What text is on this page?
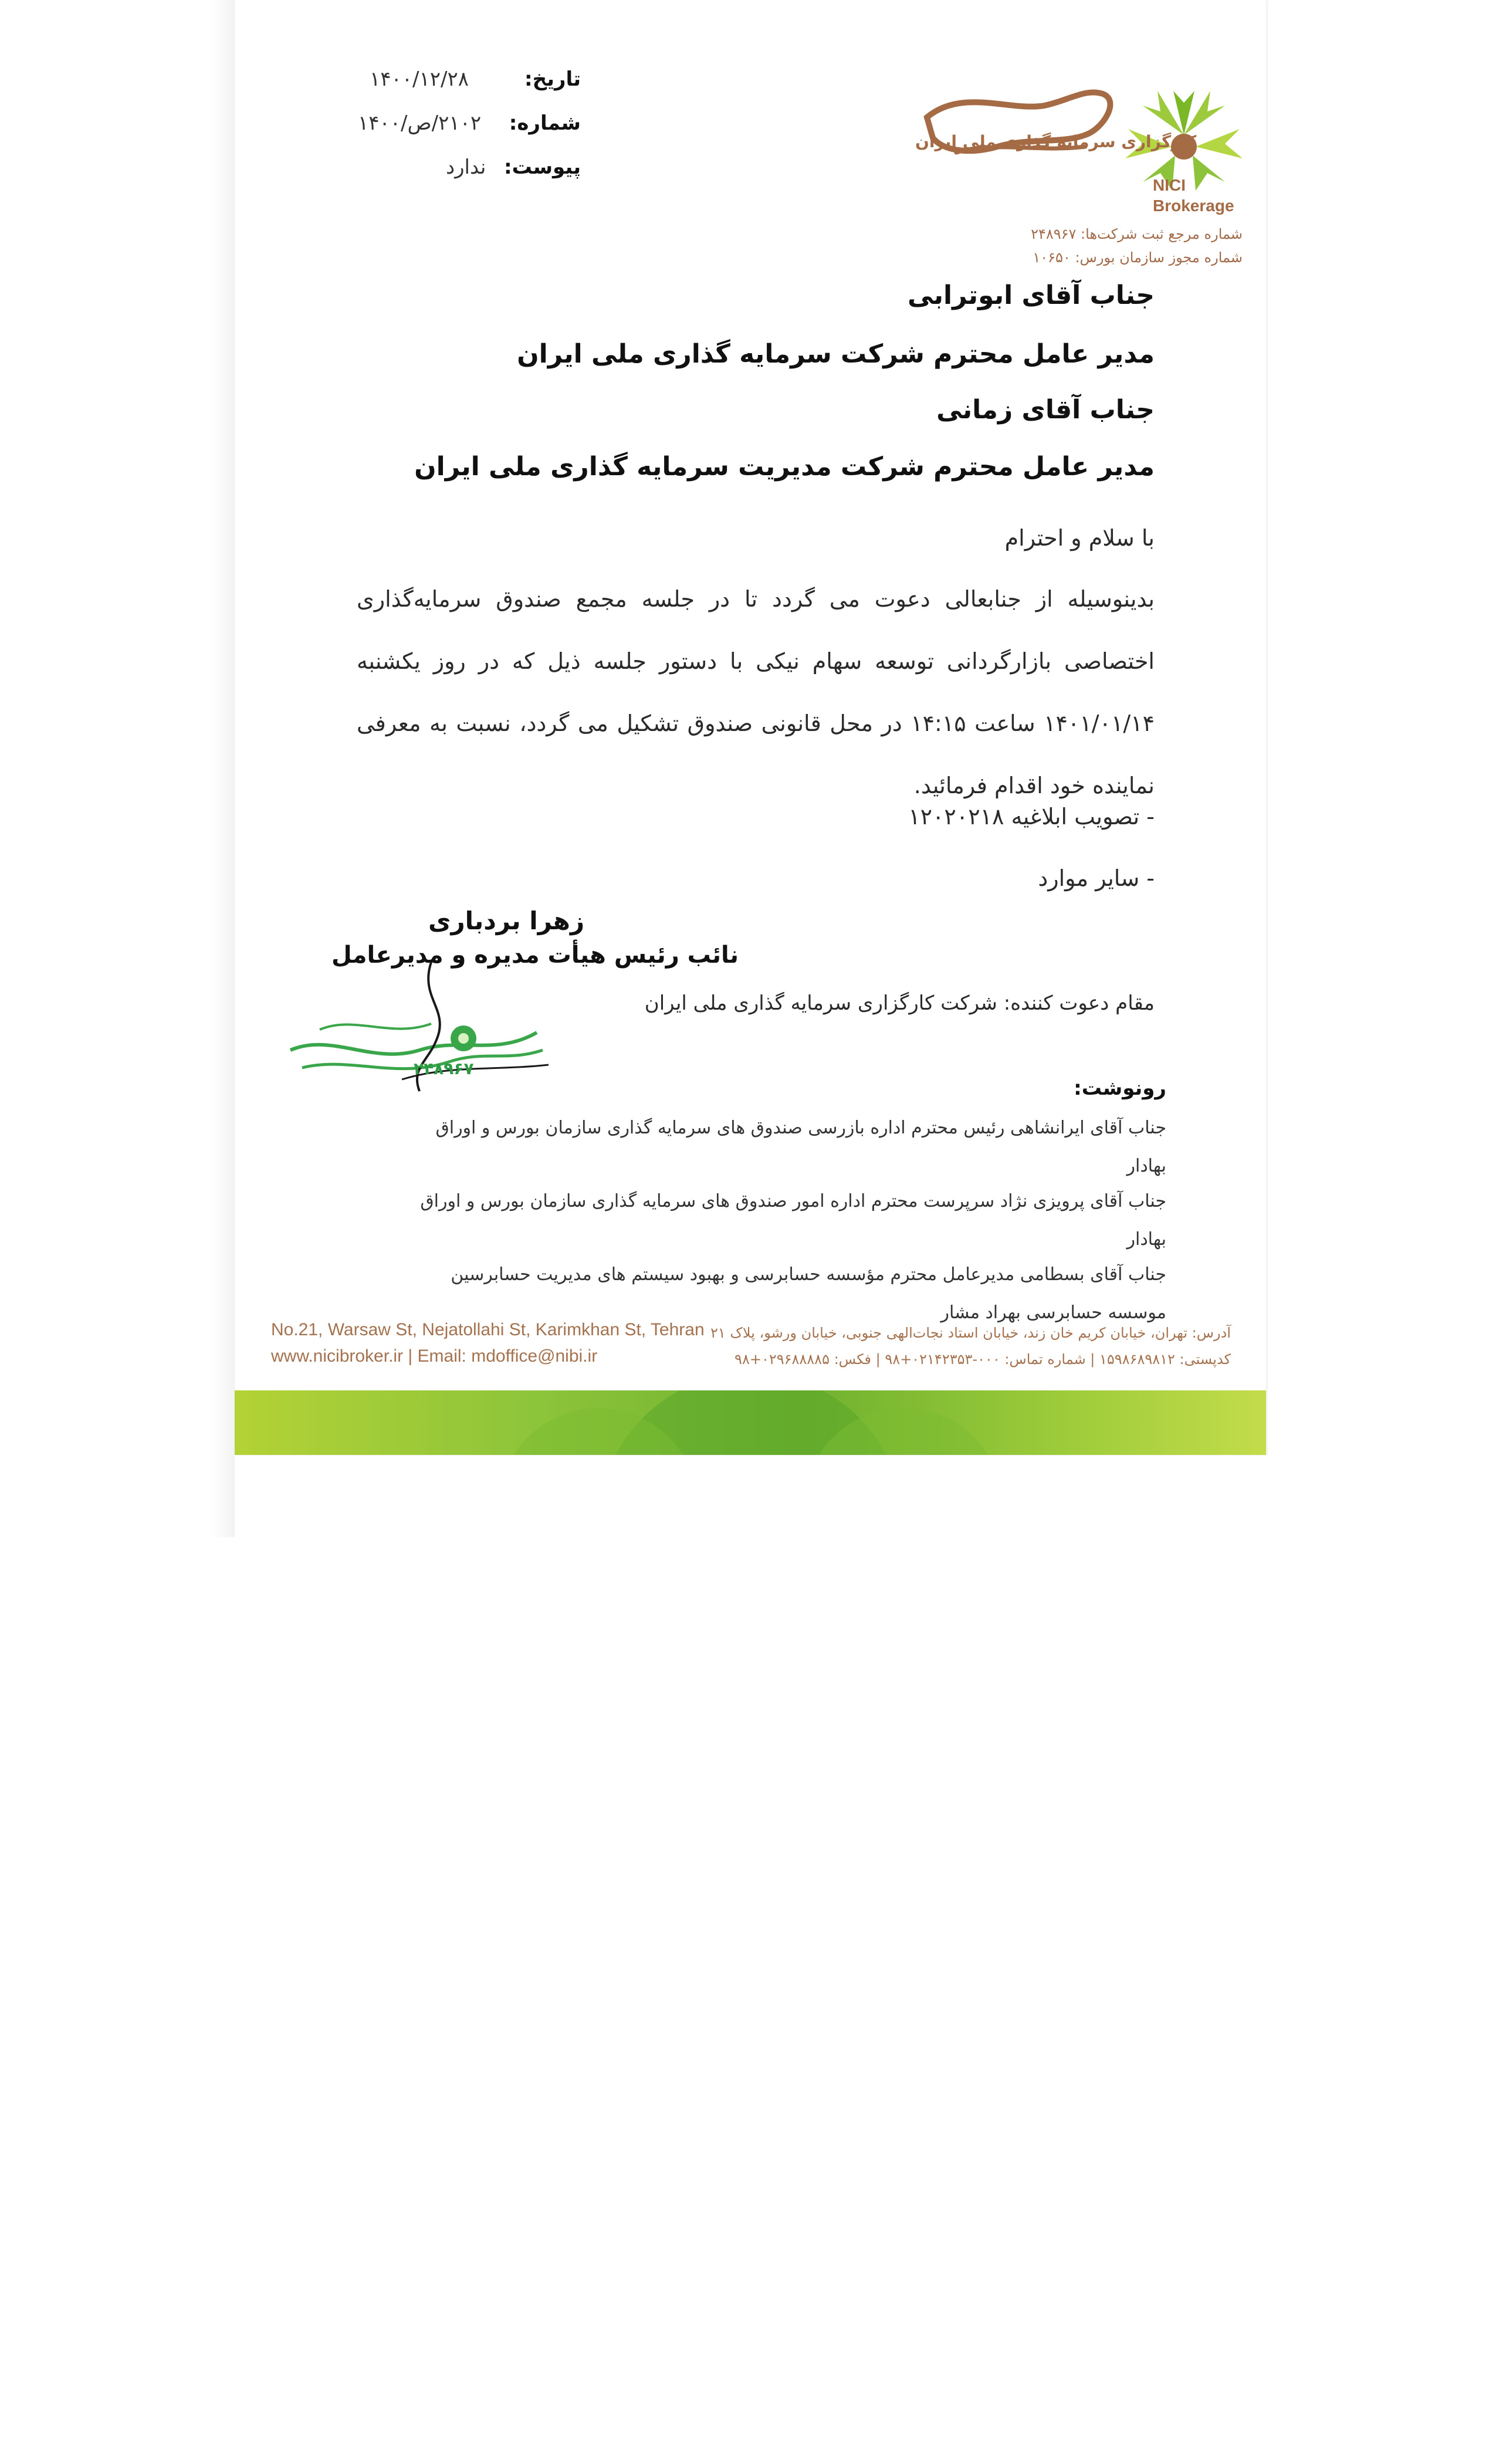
تاریخ:
۱۴۰۰/۱۲/۲۸
شماره:
۲۱۰۲/ص/۱۴۰۰
پیوست:
ندارد
کارگزاری سرمایه گذاری ملی ایران
NICI
Brokerage
شماره مرجع ثبت شرکت‌ها: ۲۴۸۹۶۷
شماره مجوز سازمان بورس: ۱۰۶۵۰
جناب آقای ابوترابی
مدیر عامل محترم شرکت سرمایه گذاری ملی ایران
جناب آقای زمانی
مدیر عامل محترم شرکت مدیریت سرمایه گذاری ملی ایران
با سلام و احترام
بدینوسیله از جنابعالی دعوت می گردد تا در جلسه مجمع صندوق سرمایه‌گذاری اختصاصی بازارگردانی توسعه سهام نیکی با دستور جلسه ذیل که در روز یکشنبه ۱۴۰۱/۰۱/۱۴ ساعت ۱۴:۱۵ در محل قانونی صندوق تشکیل می گردد، نسبت به معرفی نماینده خود اقدام فرمائید.
- تصویب ابلاغیه ۱۲۰۲۰۲۱۸
- سایر موارد
زهرا بردباری
نائب رئیس هیأت مدیره و مدیرعامل
مقام دعوت کننده: شرکت کارگزاری سرمایه گذاری ملی ایران
۲۴۸۹۶۷
رونوشت:
جناب آقای ایرانشاهی رئیس محترم اداره بازرسی صندوق های سرمایه گذاری سازمان بورس و اوراق
بهادار
جناب آقای پرویزی نژاد سرپرست محترم اداره امور صندوق های سرمایه گذاری سازمان بورس و اوراق
بهادار
جناب آقای بسطامی مدیرعامل محترم مؤسسه حسابرسی و بهبود سیستم های مدیریت حسابرسین
موسسه حسابرسی بهراد مشار
No.21, Warsaw St, Nejatollahi St, Karimkhan St, Tehran
www.nicibroker.ir | Email: mdoffice@nibi.ir
آدرس: تهران، خیابان کریم خان زند، خیابان استاد نجات‌الهی جنوبی، خیابان ورشو، پلاک ۲۱
کدپستی: ۱۵۹۸۶۸۹۸۱۲ | شماره تماس: ۰۰۰-۰۲۱۴۲۳۵۳+۹۸ | فکس: ۰۲۹۶۸۸۸۸۵+۹۸
